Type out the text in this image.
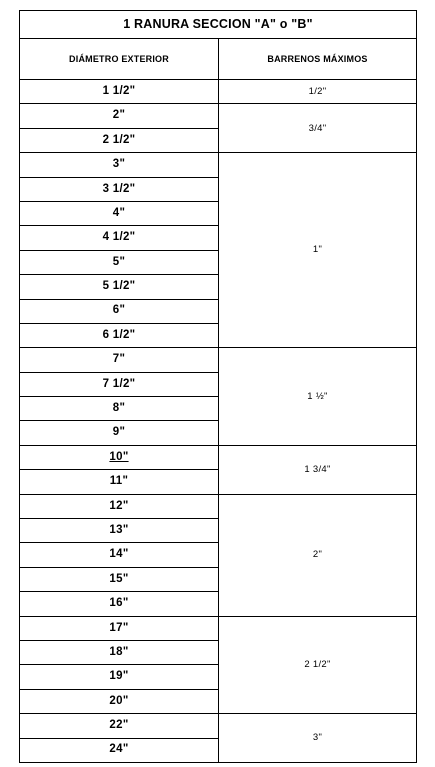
1 RANURA SECCION "A" o "B"	
DIÁMETRO EXTERIOR	BARRENOS MÁXIMOS
1 1/2"	1/2"
2"	3/4"
2 1/2"	
3"	1"
3 1/2"	
4"	
4 1/2"	
5"	
5 1/2"	
6"	
6 1/2"	
7"	1 ½"
7 1/2"	
8"	
9"	
10"	1 3/4"
11"	
12"	2"
13"	
14"	
15"	
16"	
17"	2 1/2"
18"	
19"	
20"	
22"	3"
24"	
